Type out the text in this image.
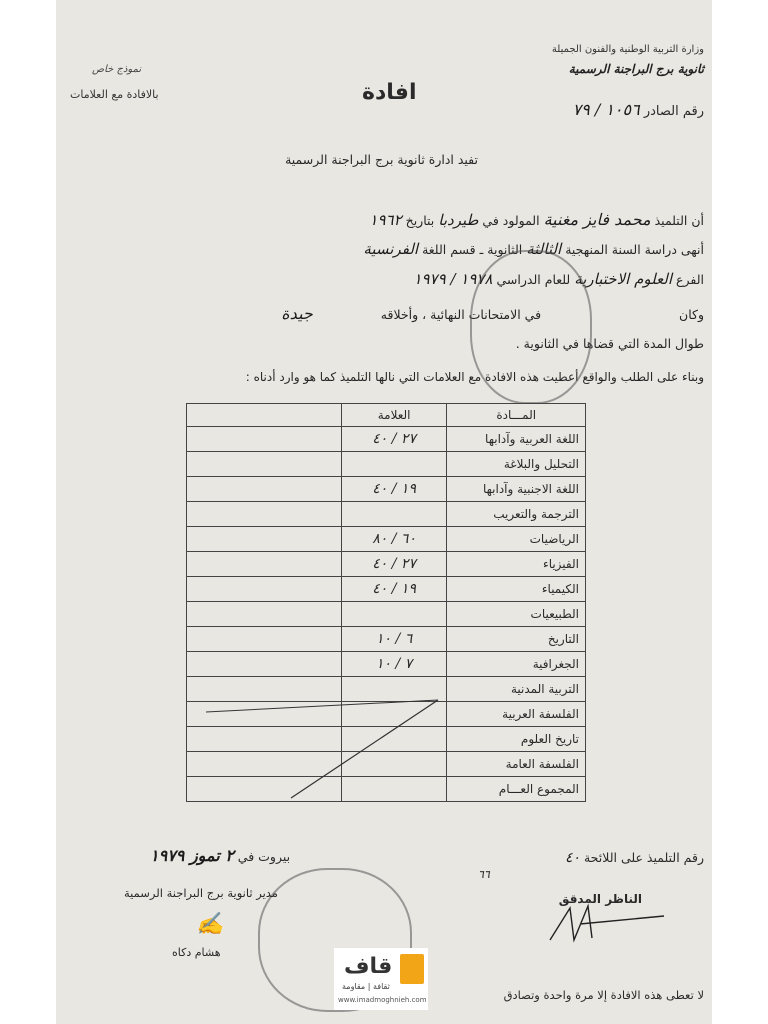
وزارة التربية الوطنية والفنون الجميلة
ثانوية برج البراجنة الرسمية
رقم الصادر ١٠٥٦ / ٧٩
افادة
نموذج خاص
بالافادة مع العلامات
تفيد ادارة ثانوية برج البراجنة الرسمية
أن التلميذ محمد فايز مغنية المولود في طيردبا بتاريخ ١٩٦٢
أنهى دراسة السنة المنهجية الثالثة الثانوية ـ قسم اللغة الفرنسية
الفرع العلوم الاختبارية للعام الدراسي ١٩٧٨ / ١٩٧٩
وكان  في الامتحانات النهائية ، وأخلاقه  جيدة
طوال المدة التي قضاها في الثانوية .
وبناء على الطلب والواقع أعطيت هذه الافادة مع العلامات التي نالها التلميذ كما هو وارد أدناه :
المـــادة	العلامة	
اللغة العربية وآدابها	٢٧ / ٤٠	
التحليل والبلاغة		
اللغة الاجنبية وآدابها	١٩ / ٤٠	
الترجمة والتعريب		
الرياضيات	٦٠ / ٨٠	
الفيزياء	٢٧ / ٤٠	
الكيمياء	١٩ / ٤٠	
الطبيعيات		
التاريخ	٦ / ١٠	
الجغرافية	٧ / ١٠	
التربية المدنية		
الفلسفة العربية		
تاريخ العلوم		
الفلسفة العامة		
المجموع العـــام		
رقم التلميذ على اللائحة ٤٠
٦٦
بيروت في ٢ تموز ١٩٧٩
مدير ثانوية برج البراجنة الرسمية
✍
هشام دكاه
الناظر المدقق
لا تعطى هذه الافادة إلا مرة واحدة وتصادق
قاف
ثقافة | مقاومة
www.imadmoghnieh.com
